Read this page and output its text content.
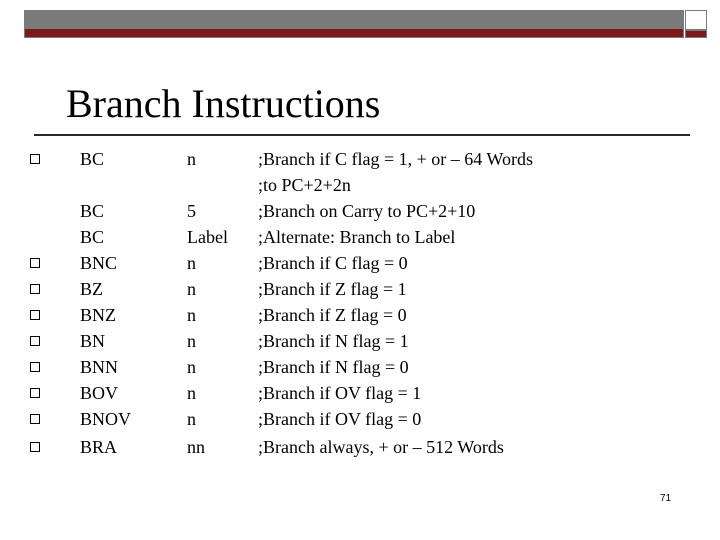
Branch Instructions
BC	n	;Branch if C flag = 1, + or – 64 Words
;to PC+2+2n
BC	5	;Branch on Carry to PC+2+10
BC	Label ;Alternate: Branch to Label
BNC	n	;Branch if C flag = 0
BZ	n	;Branch if Z flag = 1
BNZ	n	;Branch if Z flag = 0
BN	n	;Branch if N flag = 1
BNN	n	;Branch if N flag = 0
BOV	n	;Branch if OV flag = 1
BNOV	n	;Branch if OV flag = 0
BRA	nn	;Branch always, + or – 512 Words
71
